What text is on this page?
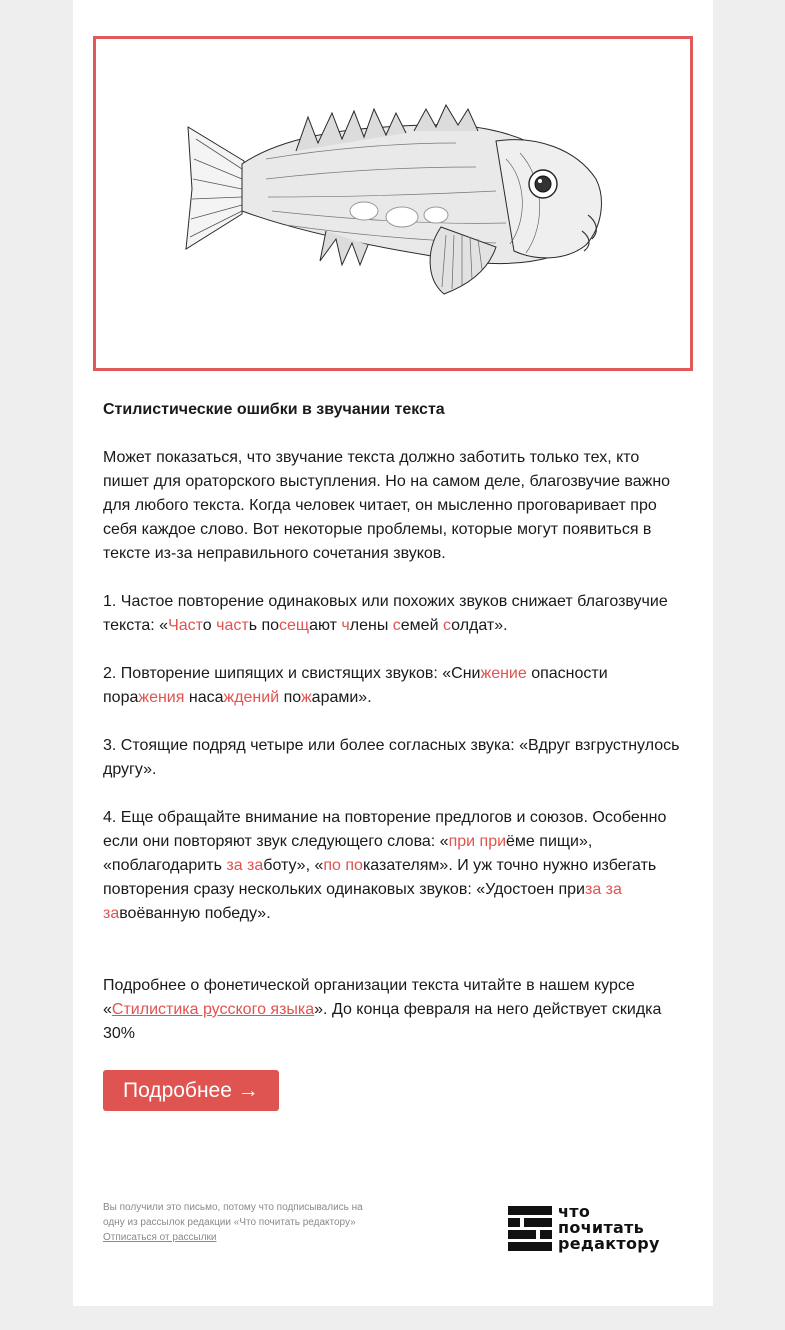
Стилистические ошибки в звучании текста
Может показаться, что звучание текста должно заботить только тех, кто пишет для ораторского выступления. Но на самом деле, благозвучие важно для любого текста. Когда человек читает, он мысленно проговаривает про себя каждое слово. Вот некоторые проблемы, которые могут появиться в тексте из-за неправильного сочетания звуков.
1. Частое повторение одинаковых или похожих звуков снижает благозвучие текста: «Часто часть посещают члены семей солдат».
2. Повторение шипящих и свистящих звуков: «Снижение опасности поражения насаждений пожарами».
3. Стоящие подряд четыре или более согласных звука: «Вдруг взгрустнулось другу».
4. Еще обращайте внимание на повторение предлогов и союзов. Особенно если они повторяют звук следующего слова: «при приёме пищи», «поблагодарить за заботу», «по показателям». И уж точно нужно избегать повторения сразу нескольких одинаковых звуков: «Удостоен приза за завоёванную победу».
Подробнее о фонетической организации текста читайте в нашем курсе «Стилистика русского языка». До конца февраля на него действует скидка 30%
Подробнее →
Вы получили это письмо, потому что подписывались на одну из рассылок редакции «Что почитать редактору»
Отписаться от рассылки
что
почитать
редактору
